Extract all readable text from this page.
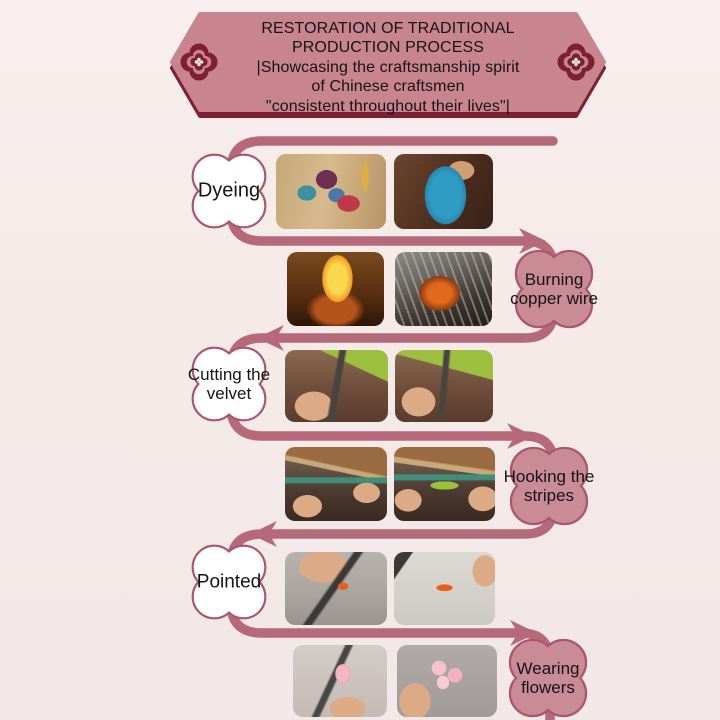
RESTORATION OF TRADITIONAL
PRODUCTION PROCESS
|Showcasing the craftsmanship spirit
of Chinese craftsmen
"consistent throughout their lives"|
Dyeing
Burning copper wire
Cutting the velvet
Hooking the stripes
Pointed
Wearing flowers
